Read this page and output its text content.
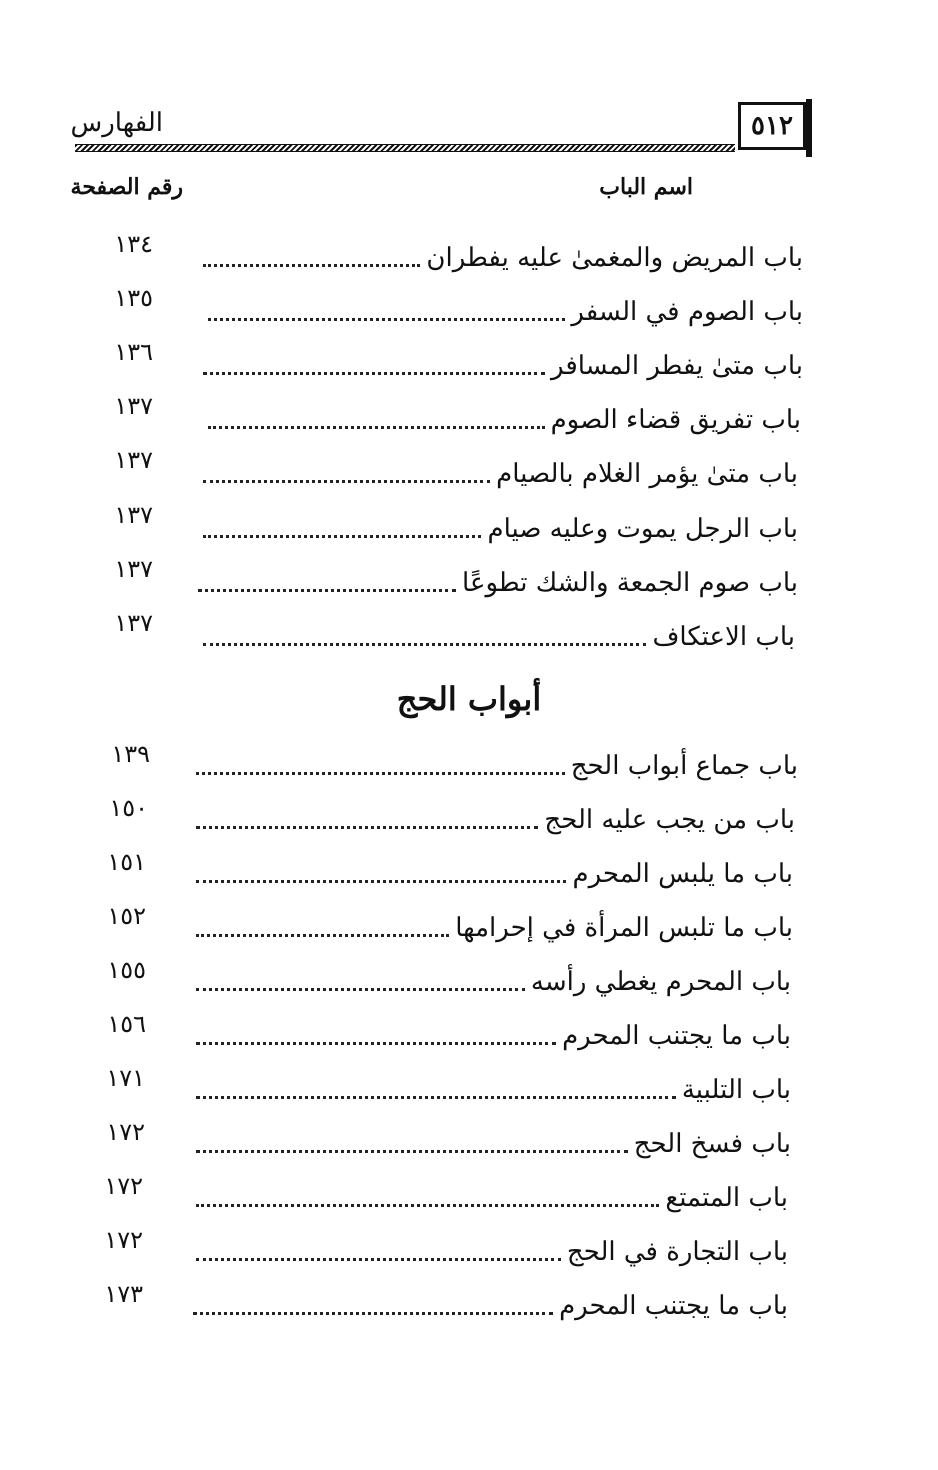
الفهارس	٥١٢
اسم الباب
رقم الصفحة
باب المريض والمغمىٰ عليه يفطران
١٣٤
باب الصوم في السفر
١٣٥
باب متىٰ يفطر المسافر
١٣٦
باب تفريق قضاء الصوم
١٣٧
باب متىٰ يؤمر الغلام بالصيام
١٣٧
باب الرجل يموت وعليه صيام
١٣٧
باب صوم الجمعة والشك تطوعًا
١٣٧
باب الاعتكاف
١٣٧
أبواب الحج
باب جماع أبواب الحج
١٣٩
باب من يجب عليه الحج
١٥٠
باب ما يلبس المحرم
١٥١
باب ما تلبس المرأة في إحرامها
١٥٢
باب المحرم يغطي رأسه
١٥٥
باب ما يجتنب المحرم
١٥٦
باب التلبية
١٧١
باب فسخ الحج
١٧٢
باب المتمتع
١٧٢
باب التجارة في الحج
١٧٢
باب ما يجتنب المحرم
١٧٣
